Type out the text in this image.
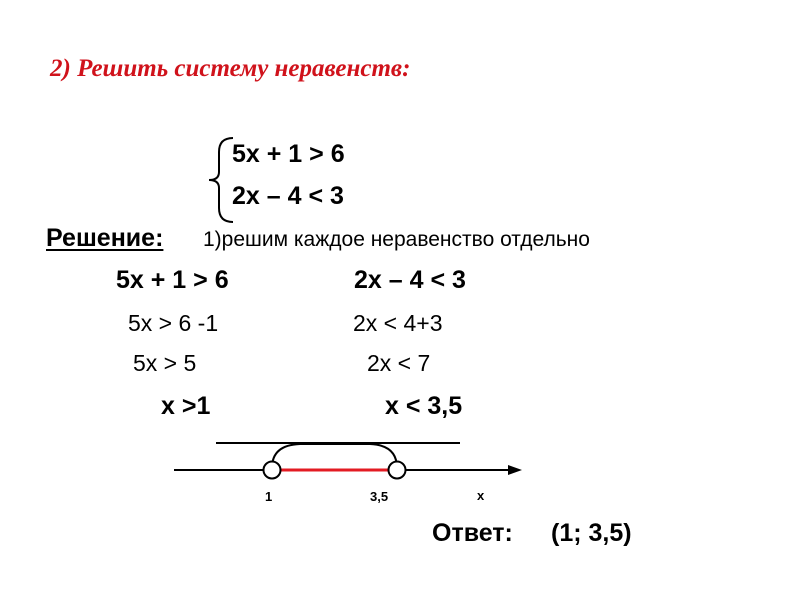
2) Решить систему неравенств:
5х + 1 > 6
2х – 4 < 3
Решение: 1)решим каждое неравенство отдельно
5х + 1 > 6
5х > 6 -1
5х > 5
х >1
2х – 4 < 3
2х < 4+3
2х < 7
х < 3,5
1	3,5	х
Ответ: (1; 3,5)
